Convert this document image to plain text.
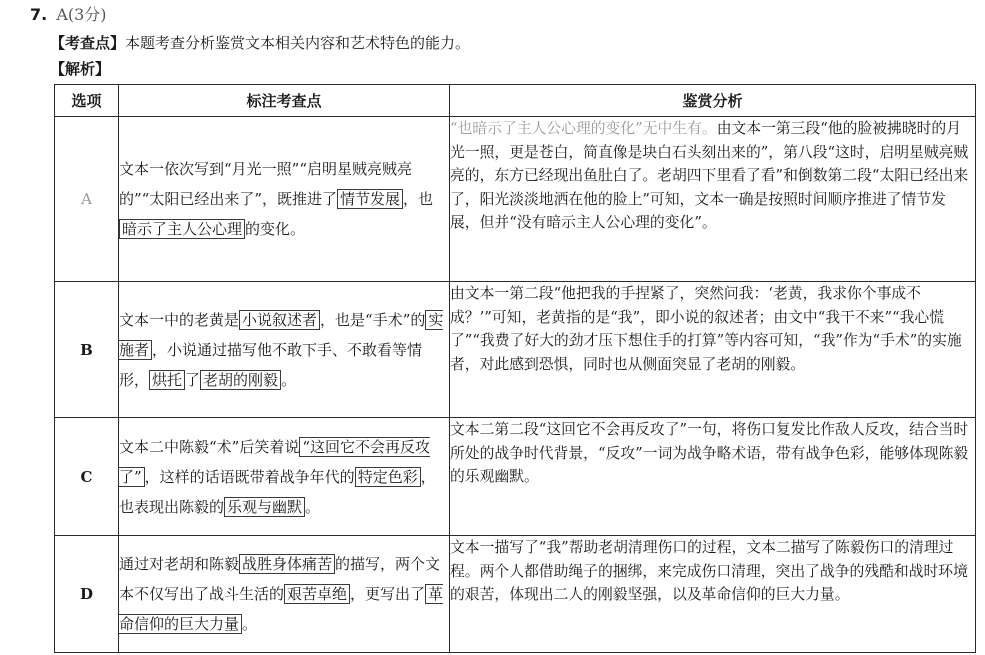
7. A(3分)
【考查点】本题考查分析鉴赏文本相关内容和艺术特色的能力。
【解析】
选项	标注考查点	鉴赏分析
A	文本一依次写到“月光一照”“启明星贼亮贼亮的”“太阳已经出来了”，既推进了 情节发展 ，也暗示了主人公心理 的变化。	“也暗示了主人公心理的变化”无中生有。由文本一第三段“他的脸被拂晓时的月光一照，更是苍白，简直像是块白石头刻出来的”，第八段“这时，启明星贼亮贼亮的，东方已经现出鱼肚白了。老胡四下里看了看”和倒数第二段“太阳已经出来了，阳光淡淡地洒在他的脸上”可知，文本一确是按照时间顺序推进了情节发展，但并“没有暗示主人公心理的变化”。
B	文本一中的老黄是 小说叙述者 ，也是“手术”的 实施者 ，小说通过描写他不敢下手、不敢看等情形， 烘托 了 老胡的刚毅 。	由文本一第二段“他把我的手捏紧了，突然问我：‘老黄，我求你个事成不成？’”可知，老黄指的是“我”，即小说的叙述者；由文中“我干不来”“我心慌了”“我费了好大的劲才压下想住手的打算”等内容可知，“我”作为“手术”的实施者，对此感到恐惧，同时也从侧面突显了老胡的刚毅。
C	文本二中陈毅“术”后笑着说 “这回它不会再反攻了” ，这样的话语既带着战争年代的 特定色彩 ，也表现出陈毅的 乐观与幽默 。	文本二第二段“这回它不会再反攻了”一句，将伤口复发比作敌人反攻，结合当时所处的战争时代背景，“反攻”一词为战争略术语，带有战争色彩，能够体现陈毅的乐观幽默。
D	通过对老胡和陈毅 战胜身体痛苦 的描写，两个文本不仅写出了战斗生活的 艰苦卓绝 ，更写出了 革命信仰的巨大力量 。	文本一描写了“我”帮助老胡清理伤口的过程，文本二描写了陈毅伤口的清理过程。两个人都借助绳子的捆绑，来完成伤口清理，突出了战争的残酷和战时环境的艰苦，体现出二人的刚毅坚强，以及革命信仰的巨大力量。
